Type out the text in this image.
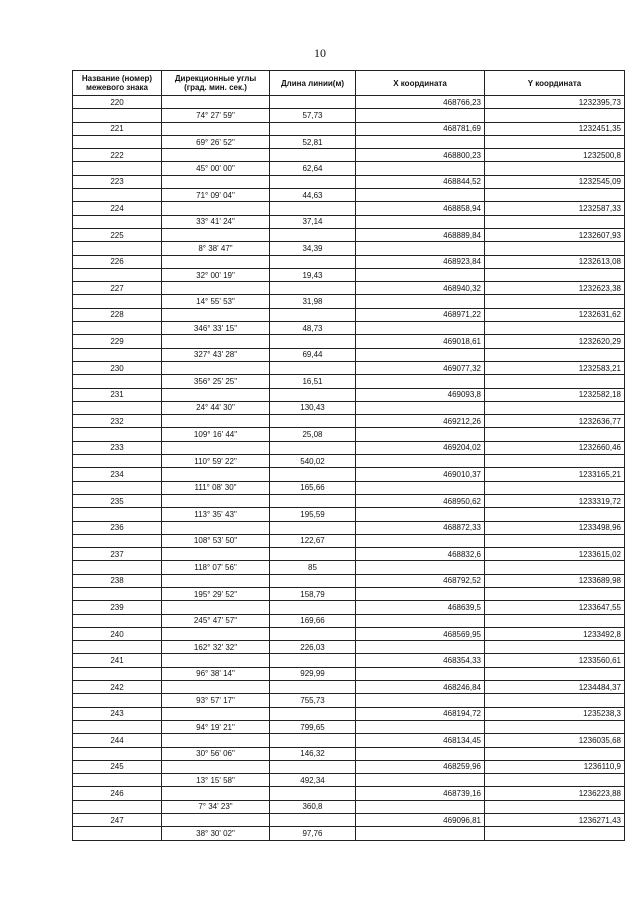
10
Название (номер) межевого знака	Дирекционные углы (град. мин. сек.)	Длина линии(м)	X координата	Y координата
220			468766,23	1232395,73
	74° 27' 59"	57,73		
221			468781,69	1232451,35
	69° 26' 52"	52,81		
222			468800,23	1232500,8
	45° 00' 00"	62,64		
223			468844,52	1232545,09
	71° 09' 04"	44,63		
224			468858,94	1232587,33
	33° 41' 24"	37,14		
225			468889,84	1232607,93
	8° 38' 47"	34,39		
226			468923,84	1232613,08
	32° 00' 19"	19,43		
227			468940,32	1232623,38
	14° 55' 53"	31,98		
228			468971,22	1232631,62
	346° 33' 15"	48,73		
229			469018,61	1232620,29
	327° 43' 28"	69,44		
230			469077,32	1232583,21
	356° 25' 25"	16,51		
231			469093,8	1232582,18
	24° 44' 30"	130,43		
232			469212,26	1232636,77
	109° 16' 44"	25,08		
233			469204,02	1232660,46
	110° 59' 22"	540,02		
234			469010,37	1233165,21
	111° 08' 30"	165,66		
235			468950,62	1233319,72
	113° 35' 43"	195,59		
236			468872,33	1233498,96
	108° 53' 50"	122,67		
237			468832,6	1233615,02
	118° 07' 56"	85		
238			468792,52	1233689,98
	195° 29' 52"	158,79		
239			468639,5	1233647,55
	245° 47' 57"	169,66		
240			468569,95	1233492,8
	162° 32' 32"	226,03		
241			468354,33	1233560,61
	96° 38' 14"	929,99		
242			468246,84	1234484,37
	93° 57' 17"	755,73		
243			468194,72	1235238,3
	94° 19' 21"	799,65		
244			468134,45	1236035,68
	30° 56' 06"	146,32		
245			468259,96	1236110,9
	13° 15' 58"	492,34		
246			468739,16	1236223,88
	7° 34' 23"	360,8		
247			469096,81	1236271,43
	38° 30' 02"	97,76		
